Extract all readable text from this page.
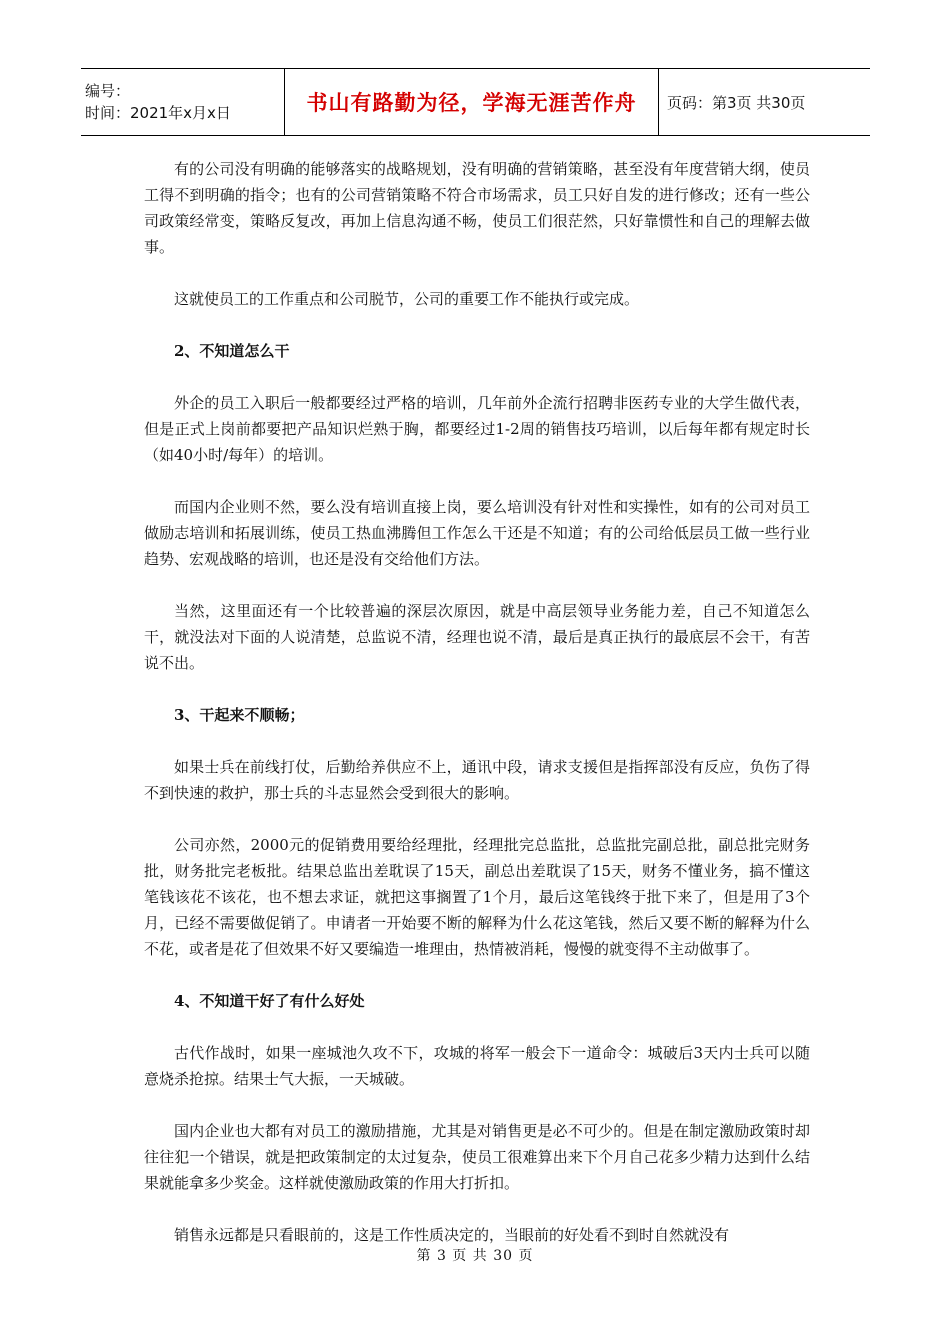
编号：
时间：2021年x月x日	书山有路勤为径，学海无涯苦作舟	页码：第3页 共30页

有的公司没有明确的能够落实的战略规划，没有明确的营销策略，甚至没有年度营销大纲，使员工得不到明确的指令；也有的公司营销策略不符合市场需求，员工只好自发的进行修改；还有一些公司政策经常变，策略反复改，再加上信息沟通不畅，使员工们很茫然，只好靠惯性和自己的理解去做事。

这就使员工的工作重点和公司脱节，公司的重要工作不能执行或完成。

2、不知道怎么干

外企的员工入职后一般都要经过严格的培训，几年前外企流行招聘非医药专业的大学生做代表，但是正式上岗前都要把产品知识烂熟于胸，都要经过1-2周的销售技巧培训，以后每年都有规定时长（如40小时/每年）的培训。

而国内企业则不然，要么没有培训直接上岗，要么培训没有针对性和实操性，如有的公司对员工做励志培训和拓展训练，使员工热血沸腾但工作怎么干还是不知道；有的公司给低层员工做一些行业趋势、宏观战略的培训，也还是没有交给他们方法。

当然，这里面还有一个比较普遍的深层次原因，就是中高层领导业务能力差，自己不知道怎么干，就没法对下面的人说清楚，总监说不清，经理也说不清，最后是真正执行的最底层不会干，有苦说不出。

3、干起来不顺畅；

如果士兵在前线打仗，后勤给养供应不上，通讯中段，请求支援但是指挥部没有反应，负伤了得不到快速的救护，那士兵的斗志显然会受到很大的影响。

公司亦然，2000元的促销费用要给经理批，经理批完总监批，总监批完副总批，副总批完财务批，财务批完老板批。结果总监出差耽误了15天，副总出差耽误了15天，财务不懂业务，搞不懂这笔钱该花不该花，也不想去求证，就把这事搁置了1个月，最后这笔钱终于批下来了，但是用了3个月，已经不需要做促销了。申请者一开始要不断的解释为什么花这笔钱，然后又要不断的解释为什么不花，或者是花了但效果不好又要编造一堆理由，热情被消耗，慢慢的就变得不主动做事了。

4、不知道干好了有什么好处

古代作战时，如果一座城池久攻不下，攻城的将军一般会下一道命令：城破后3天内士兵可以随意烧杀抢掠。结果士气大振，一天城破。

国内企业也大都有对员工的激励措施，尤其是对销售更是必不可少的。但是在制定激励政策时却往往犯一个错误，就是把政策制定的太过复杂，使员工很难算出来下个月自己花多少精力达到什么结果就能拿多少奖金。这样就使激励政策的作用大打折扣。

销售永远都是只看眼前的，这是工作性质决定的，当眼前的好处看不到时自然就没有

第 3 页 共 30 页
